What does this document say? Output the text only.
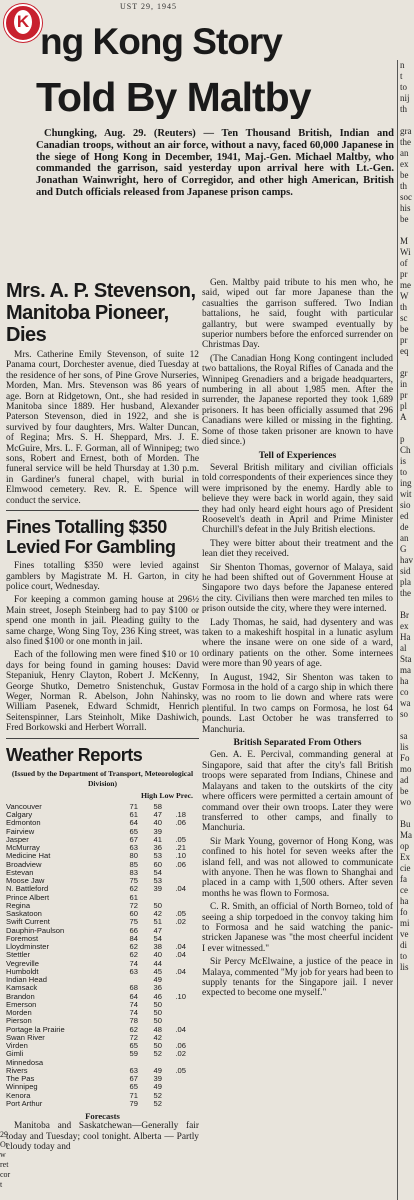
K
UST 29, 1945
ng Kong Story
Told By Maltby

Chungking, Aug. 29. (Reuters) — Ten Thousand British, Indian and Canadian troops, without an air force, without a navy, faced 60,000 Japanese in the siege of Hong Kong in December, 1941, Maj.-Gen. Michael Maltby, who commanded the garrison, said yesterday upon arrival here with Lt.-Gen. Jonathan Wainwright, hero of Corregidor, and other high American, British and Dutch officials released from Japanese prison camps.

Mrs. A. P. Stevenson, Manitoba Pioneer, Dies

Mrs. Catherine Emily Stevenson, of suite 12 Panama court, Dorchester avenue, died Tuesday at the residence of her sons, of Pine Grove Nurseries, Morden, Man. Mrs. Stevenson was 86 years of age. Born at Ridgetown, Ont., she had resided in Manitoba since 1889. Her husband, Alexander Paterson Stevenson, died in 1922, and she is survived by four daughters, Mrs. Walter Duncan, of Regina; Mrs. S. H. Sheppard, Mrs. J. E. McGuire, Mrs. L. F. Gorman, all of Winnipeg; two sons, Robert and Ernest, both of Morden. The funeral service will be held Thursday at 1.30 p.m. in Gardiner's funeral chapel, with burial in Elmwood cemetery. Rev. R. E. Spence will conduct the service.

Fines Totalling $350 Levied For Gambling

Fines totalling $350 were levied against gamblers by Magistrate M. H. Garton, in city police court, Wednesday.

For keeping a common gaming house at 296½ Main street, Joseph Steinberg had to pay $100 or spend one month in jail. Pleading guilty to the same charge, Wong Sing Toy, 236 King street, was also fined $100 or one month in jail.

Each of the following men were fined $10 or 10 days for being found in gaming houses: David Stepaniuk, Henry Clayton, Robert J. McKenny, George Shutko, Demetro Snistenchuk, Gustav Weger, Norman R. Abelson, John Nahinsky, William Pasenek, Edward Schmidt, Henrich Seitenspinner, Lars Steinholt, Mike Dashiwich, Fred Borkowski and Herbert Worrall.

Weather Reports
(Issued by the Department of Transport, Meteorological Division)
High Low Prec.
Vancouver	71	58	
Calgary	61	47	.18
Edmonton	64	40	.06
Fairview	65	39	
Jasper	67	41	.05
McMurray	63	36	.21
Medicine Hat	80	53	.10
Broadview	85	60	.06
Estevan	83	54	
Moose Jaw	75	53	
N. Battleford	62	39	.04
Prince Albert	61		
Regina	72	50	
Saskatoon	60	42	.05
Swift Current	75	51	.02
Dauphin-Paulson	66	47	
Foremost	84	54	
Lloydminster	62	38	.04
Stettler	62	40	.04
Vegreville	74	44	
Humboldt	63	45	.04
Indian Head		49	
Kamsack	68	36	
Brandon	64	46	.10
Emerson	74	50	
Morden	74	50	
Pierson	78	50	
Portage la Prairie	62	48	.04
Swan River	72	42	
Virden	65	50	.06
Gimli	59	52	.02
Minnedosa			
Rivers	63	49	.05
The Pas	67	39	
Winnipeg	65	49	
Kenora	71	52	
Port Arthur	79	52	
Forecasts

Manitoba and Saskatchewan—Generally fair today and Tuesday; cool tonight. Alberta — Partly cloudy today and

Gen. Maltby paid tribute to his men who, he said, wiped out far more Japanese than the casualties the garrison suffered. Two Indian battalions, he said, fought with particular gallantry, but were swamped eventually by superior numbers before the enforced surrender on Christmas Day.

(The Canadian Hong Kong contingent included two battalions, the Royal Rifles of Canada and the Winnipeg Grenadiers and a brigade headquarters, numbering in all about 1,985 men. After the surrender, the Japanese reported they took 1,689 prisoners. It has been officially assumed that 296 Canadians were killed or missing in the fighting. Some of those taken prisoner are known to have died since.)

Tell of Experiences

Several British military and civilian officials told correspondents of their experiences since they were imprisoned by the enemy. Hardly able to believe they were back in world again, they said they had only heard eight hours ago of President Roosevelt's death in April and Prime Minister Churchill's defeat in the July British elections.

They were bitter about their treatment and the lean diet they received.

Sir Shenton Thomas, governor of Malaya, said he had been shifted out of Government House at Singapore two days before the Japanese entered the city. Civilians then were marched ten miles to prison outside the city, where they were interned.

Lady Thomas, he said, had dysentery and was taken to a makeshift hospital in a lunatic asylum where the insane were on one side of a ward, ordinary patients on the other. Some internees were more than 90 years of age.

In August, 1942, Sir Shenton was taken to Formosa in the hold of a cargo ship in which there was no room to lie down and where rats were plentiful. In two camps on Formosa, he lost 64 pounds. Last October he was transferred to Manchuria.

British Separated From Others

Gen. A. E. Percival, commanding general at Singapore, said that after the city's fall British troops were separated from Indians, Chinese and Malayans and taken to the outskirts of the city where officers were permitted a certain amount of command over their own troops. Later they were transferred to other camps, and finally to Manchuria.

Sir Mark Young, governor of Hong Kong, was confined to his hotel for seven weeks after the island fell, and was not allowed to communicate with anyone. Then he was flown to Shanghai and placed in a camp with 1,500 others. After seven months he was flown to Formosa.

C. R. Smith, an official of North Borneo, told of seeing a ship torpedoed in the convoy taking him to Formosa and he said watching the panic-stricken Japanese was "the most cheerful incident I ever witnessed."

Sir Percy McElwaine, a justice of the peace in Malaya, commented "My job for years had been to supply tenants for the Singapore jail. I never expected to become one myself."

n
t
to
nij
th

gra
the
an
ex
be
th
soc
his
be

M
Wi
of
pr
me
W
th
sc
be
pr
eq

gr
in
pr
pl
A

p
Ch
is
to
ing
wit
sio
ed
de
an
G
hav
sid
pla
the

Br
ex
Ha
al
Sta
ma
ha
co
wa
so

sa
lis
Fo
mo
ad
be
wo

Bu
Ma
op
Ex
cie
fa
ce
ha
fo
mi
ve
di
to
lis
29
Or
w
ret
cor
t
